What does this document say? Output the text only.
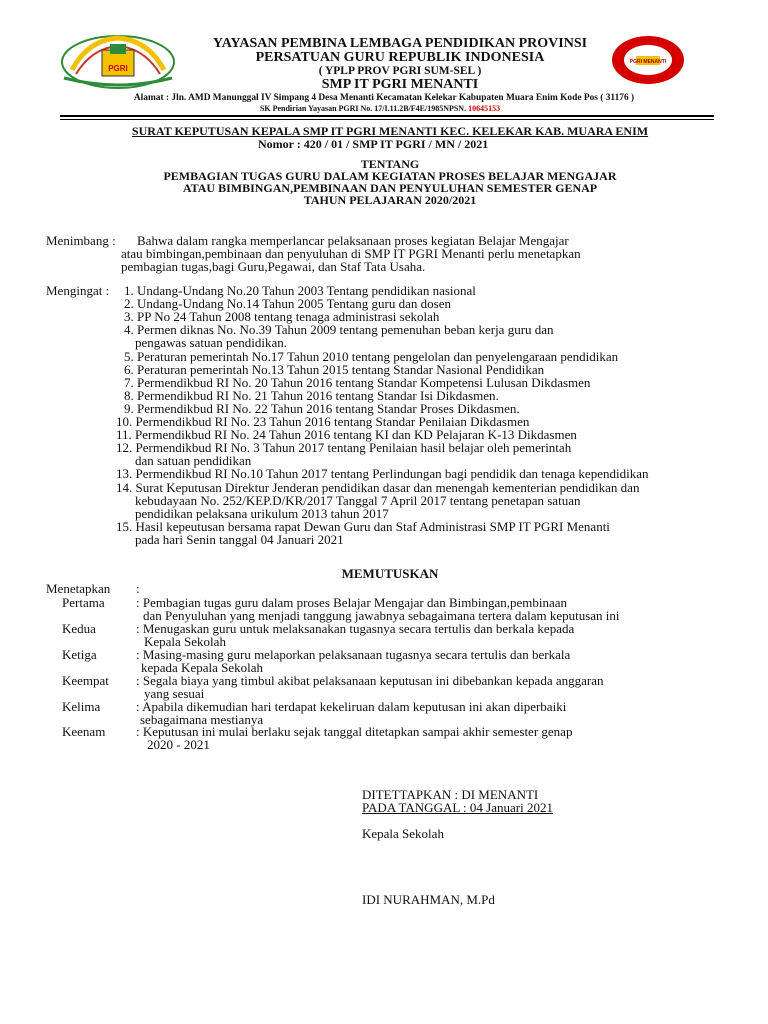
PGRI
PGRI MENANTI
YAYASAN PEMBINA LEMBAGA PENDIDIKAN PROVINSI
PERSATUAN GURU REPUBLIK INDONESIA
( YPLP PROV PGRI SUM-SEL )
SMP IT PGRI MENANTI
Alamat : Jln. AMD Manunggal IV Simpang 4 Desa Menanti Kecamatan Kelekar Kabupaten Muara Enim Kode Pos ( 31176 )
SK Pendirian Yayasan PGRI No. 17/I.11.2B/F4E/1985NPSN. 10645153
SURAT KEPUTUSAN KEPALA SMP IT PGRI MENANTI KEC. KELEKAR KAB. MUARA ENIM
Nomor : 420 / 01 / SMP IT PGRI / MN / 2021
TENTANG
PEMBAGIAN TUGAS GURU DALAM KEGIATAN PROSES BELAJAR MENGAJAR
ATAU BIMBINGAN,PEMBINAAN DAN PENYULUHAN SEMESTER GENAP
TAHUN PELAJARAN 2020/2021
Menimbang : Bahwa dalam rangka memperlancar pelaksanaan proses kegiatan Belajar Mengajar
atau bimbingan,pembinaan dan penyuluhan di SMP IT PGRI Menanti perlu menetapkan
pembagian tugas,bagi Guru,Pegawai, dan Staf Tata Usaha.
Mengingat : 1. Undang-Undang No.20 Tahun 2003 Tentang pendidikan nasional
2. Undang-Undang No.14 Tahun 2005 Tentang guru dan dosen
3. PP No 24 Tahun 2008 tentang tenaga administrasi sekolah
4. Permen diknas No. No.39 Tahun 2009 tentang pemenuhan beban kerja guru dan
pengawas satuan pendidikan.
5. Peraturan pemerintah No.17 Tahun 2010 tentang pengelolan dan penyelengaraan pendidikan
6. Peraturan pemerintah No.13 Tahun 2015 tentang Standar Nasional Pendidikan
7. Permendikbud RI No. 20 Tahun 2016 tentang Standar Kompetensi Lulusan Dikdasmen
8. Permendikbud RI No. 21 Tahun 2016 tentang Standar Isi Dikdasmen.
9. Permendikbud RI No. 22 Tahun 2016 tentang Standar Proses Dikdasmen.
10. Permendikbud RI No. 23 Tahun 2016 tentang Standar Penilaian Dikdasmen
11. Permendikbud RI No. 24 Tahun 2016 tentang KI dan KD Pelajaran K-13 Dikdasmen
12. Permendikbud RI No. 3 Tahun 2017 tentang Penilaian hasil belajar oleh pemerintah
dan satuan pendidikan
13. Permendikbud RI No.10 Tahun 2017 tentang Perlindungan bagi pendidik dan tenaga kependidikan
14. Surat Keputusan Direktur Jenderan pendidikan dasar dan menengah kementerian pendidikan dan
kebudayaan No. 252/KEP.D/KR/2017 Tanggal 7 April 2017 tentang penetapan satuan
pendidikan pelaksana urikulum 2013 tahun 2017
15. Hasil kepeutusan bersama rapat Dewan Guru dan Staf Administrasi SMP IT PGRI Menanti
pada hari Senin tanggal 04 Januari 2021
MEMUTUSKAN
Menetapkan :
Pertama : Pembagian tugas guru dalam proses Belajar Mengajar dan Bimbingan,pembinaan
dan Penyuluhan yang menjadi tanggung jawabnya sebagaimana tertera dalam keputusan ini
Kedua	: Menugaskan guru untuk melaksanakan tugasnya secara tertulis dan berkala kepada
Kepala Sekolah
Ketiga	: Masing-masing guru melaporkan pelaksanaan tugasnya secara tertulis dan berkala
kepada Kepala Sekolah
Keempat : Segala biaya yang timbul akibat pelaksanaan keputusan ini dibebankan kepada anggaran
yang sesuai
Kelima	: Apabila dikemudian hari terdapat kekeliruan dalam keputusan ini akan diperbaiki
sebagaimana mestianya
Keenam : Keputusan ini mulai berlaku sejak tanggal ditetapkan sampai akhir semester genap
2020 - 2021
DITETTAPKAN : DI MENANTI
PADA TANGGAL : 04 Januari 2021
Kepala Sekolah
IDI NURAHMAN, M.Pd
